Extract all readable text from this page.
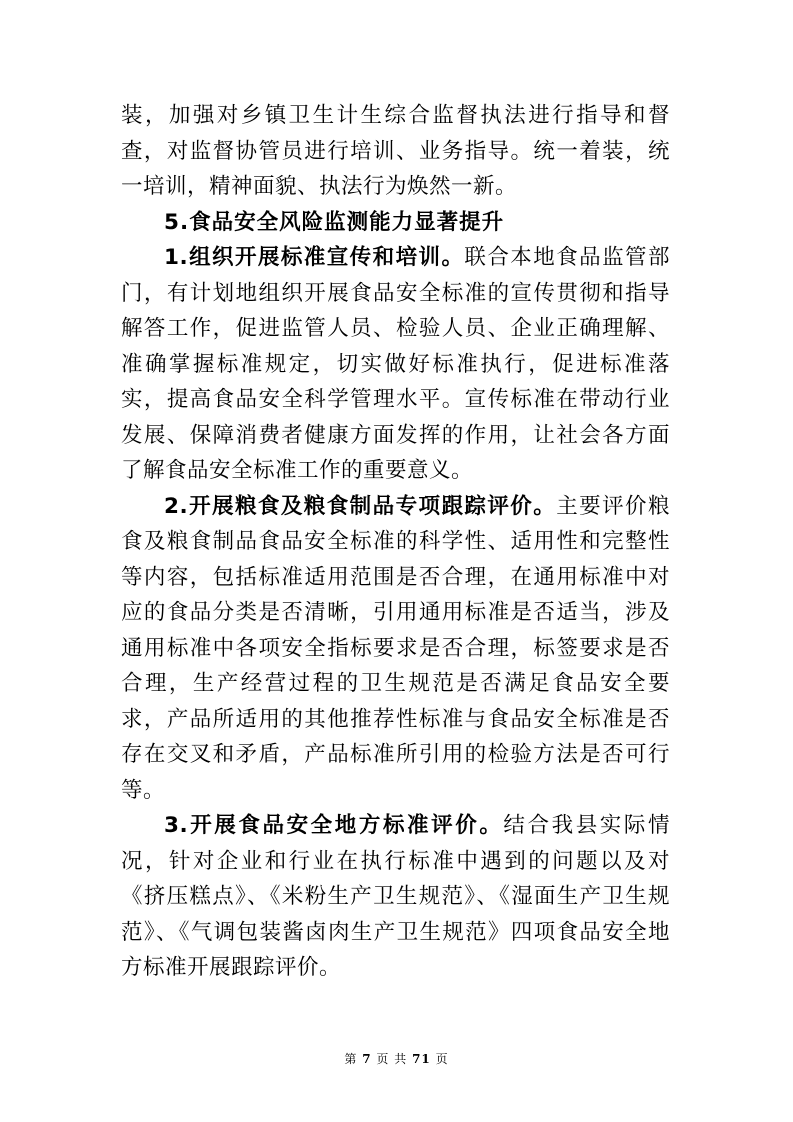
装，加强对乡镇卫生计生综合监督执法进行指导和督查，对监督协管员进行培训、业务指导。统一着装，统一培训，精神面貌、执法行为焕然一新。

5.食品安全风险监测能力显著提升

1.组织开展标准宣传和培训。联合本地食品监管部门，有计划地组织开展食品安全标准的宣传贯彻和指导解答工作，促进监管人员、检验人员、企业正确理解、准确掌握标准规定，切实做好标准执行，促进标准落实，提高食品安全科学管理水平。宣传标准在带动行业发展、保障消费者健康方面发挥的作用，让社会各方面了解食品安全标准工作的重要意义。

2.开展粮食及粮食制品专项跟踪评价。主要评价粮食及粮食制品食品安全标准的科学性、适用性和完整性等内容，包括标准适用范围是否合理，在通用标准中对应的食品分类是否清晰，引用通用标准是否适当，涉及通用标准中各项安全指标要求是否合理，标签要求是否合理，生产经营过程的卫生规范是否满足食品安全要求，产品所适用的其他推荐性标准与食品安全标准是否存在交叉和矛盾，产品标准所引用的检验方法是否可行等。

3.开展食品安全地方标准评价。结合我县实际情况，针对企业和行业在执行标准中遇到的问题以及对《挤压糕点》、《米粉生产卫生规范》、《湿面生产卫生规范》、《气调包装酱卤肉生产卫生规范》四项食品安全地方标准开展跟踪评价。

第 7 页 共 71 页
